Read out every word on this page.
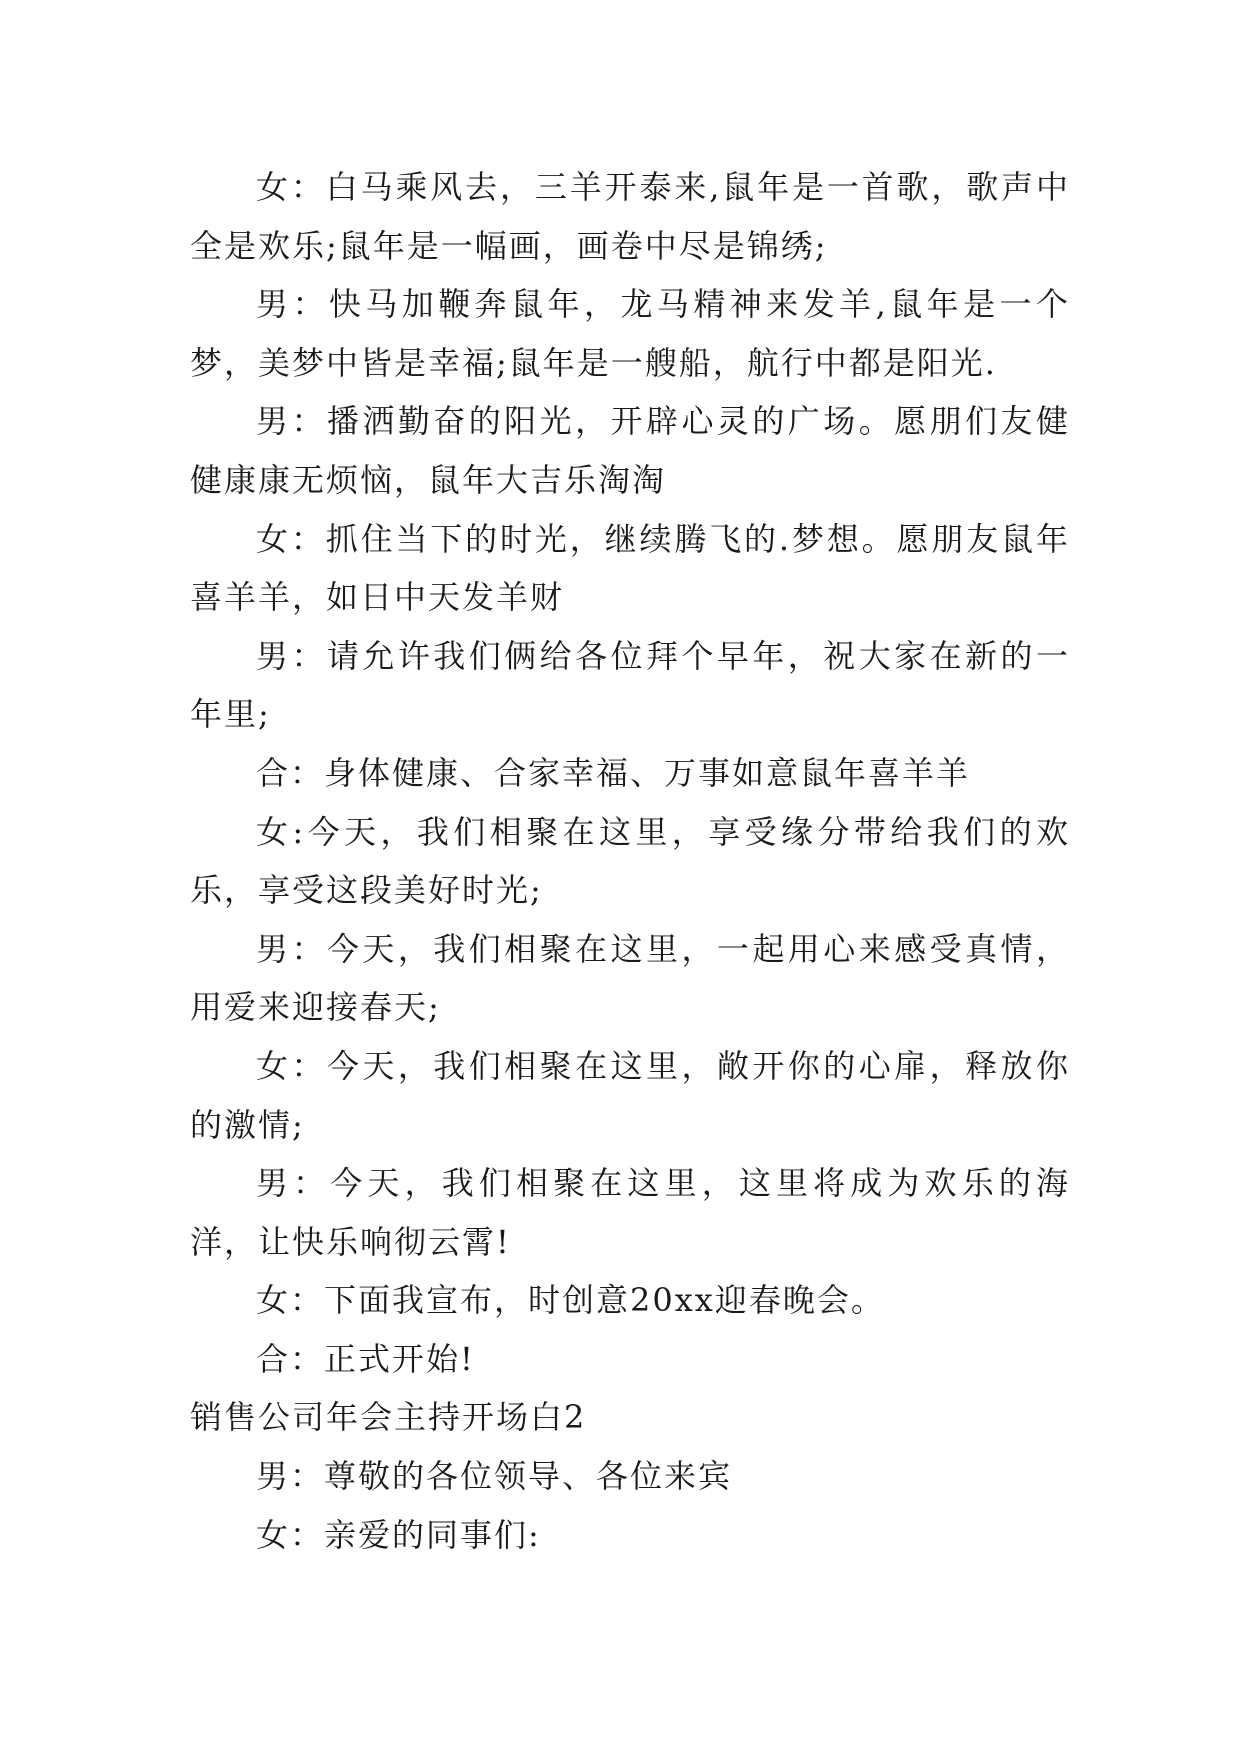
女：白马乘风去，三羊开泰来,鼠年是一首歌，歌声中全是欢乐;鼠年是一幅画，画卷中尽是锦绣;

男：快马加鞭奔鼠年，龙马精神来发羊,鼠年是一个梦，美梦中皆是幸福;鼠年是一艘船，航行中都是阳光.

男：播洒勤奋的阳光，开辟心灵的广场。愿朋们友健健康康无烦恼，鼠年大吉乐淘淘

女：抓住当下的时光，继续腾飞的.梦想。愿朋友鼠年喜羊羊，如日中天发羊财

男：请允许我们俩给各位拜个早年，祝大家在新的一年里;

合：身体健康、合家幸福、万事如意鼠年喜羊羊

女:今天，我们相聚在这里，享受缘分带给我们的欢乐，享受这段美好时光;

男：今天，我们相聚在这里，一起用心来感受真情，用爱来迎接春天;

女：今天，我们相聚在这里，敞开你的心扉，释放你的激情;

男：今天，我们相聚在这里，这里将成为欢乐的海洋，让快乐响彻云霄!

女：下面我宣布，时创意20xx迎春晚会。

合：正式开始!

销售公司年会主持开场白2

男：尊敬的各位领导、各位来宾

女：亲爱的同事们:
